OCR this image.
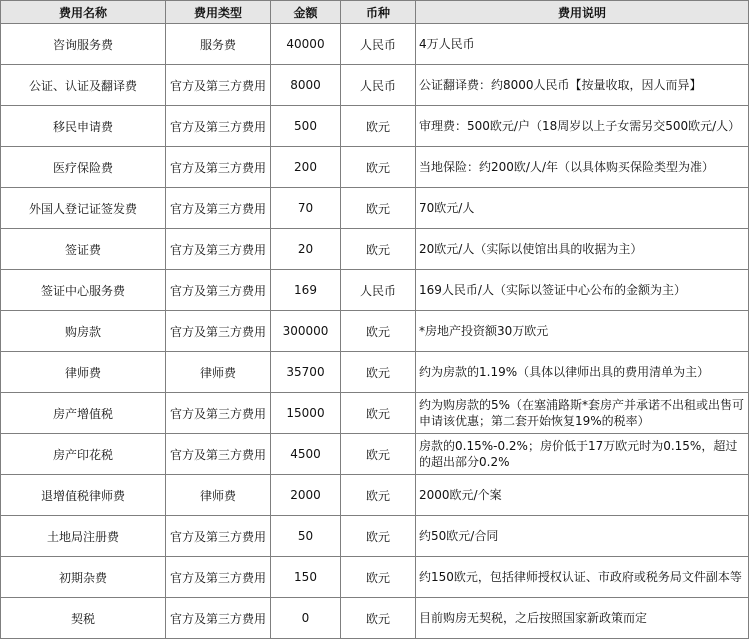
费用名称	费用类型	金额	币种	费用说明
咨询服务费	服务费	40000	人民币	4万人民币
公证、认证及翻译费	官方及第三方费用	8000	人民币	公证翻译费：约8000人民币【按量收取，因人而异】
移民申请费	官方及第三方费用	500	欧元	审理费：500欧元/户（18周岁以上子女需另交500欧元/人）
医疗保险费	官方及第三方费用	200	欧元	当地保险：约200欧/人/年（以具体购买保险类型为准）
外国人登记证签发费	官方及第三方费用	70	欧元	70欧元/人
签证费	官方及第三方费用	20	欧元	20欧元/人（实际以使馆出具的收据为主）
签证中心服务费	官方及第三方费用	169	人民币	169人民币/人（实际以签证中心公布的金额为主）
购房款	官方及第三方费用	300000	欧元	*房地产投资额30万欧元
律师费	律师费	35700	欧元	约为房款的1.19%（具体以律师出具的费用清单为主）
房产增值税	官方及第三方费用	15000	欧元	约为购房款的5%（在塞浦路斯*套房产并承诺不出租或出售可申请该优惠；第二套开始恢复19%的税率）
房产印花税	官方及第三方费用	4500	欧元	房款的0.15%-0.2%；房价低于17万欧元时为0.15%，超过的超出部分0.2%
退增值税律师费	律师费	2000	欧元	2000欧元/个案
土地局注册费	官方及第三方费用	50	欧元	约50欧元/合同
初期杂费	官方及第三方费用	150	欧元	约150欧元，包括律师授权认证、市政府或税务局文件副本等
契税	官方及第三方费用	0	欧元	目前购房无契税，之后按照国家新政策而定
